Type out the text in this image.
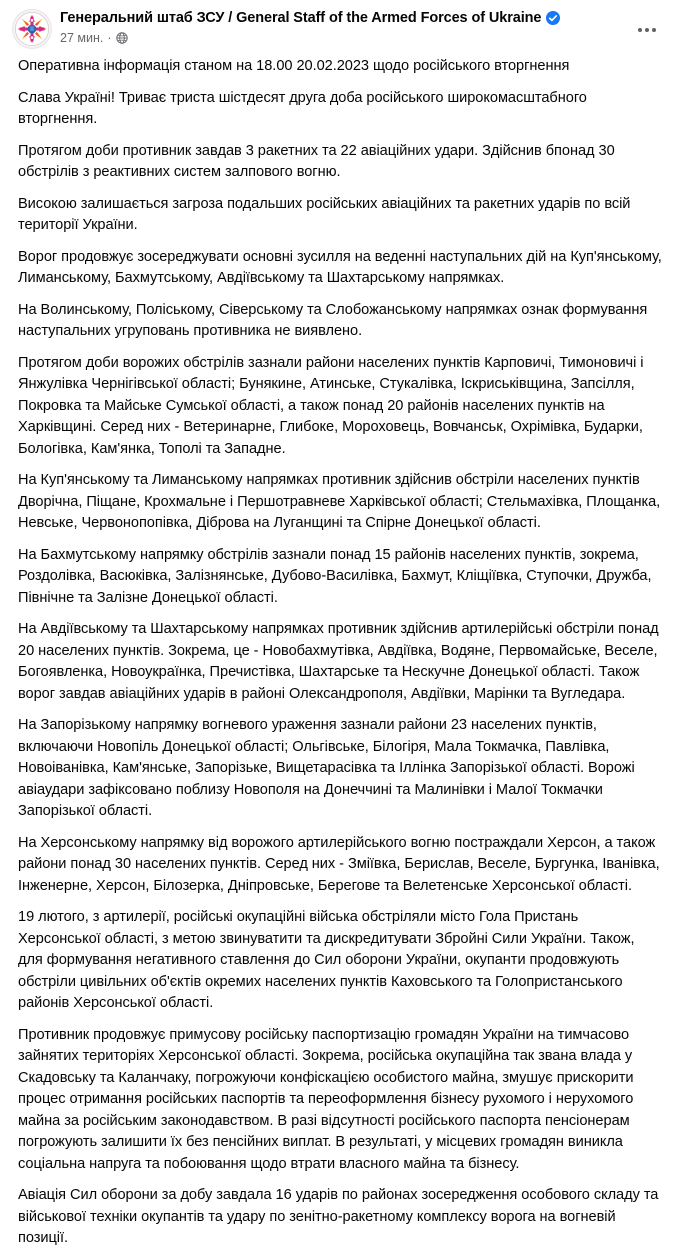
Генеральний штаб ЗСУ / General Staff of the Armed Forces of Ukraine
27 мин. ·

Оперативна інформація станом на 18.00 20.02.2023 щодо російського вторгнення

Слава Україні! Триває триста шістдесят друга доба російського широкомасштабного вторгнення.

Протягом доби противник завдав 3 ракетних та 22 авіаційних удари. Здійснив бпонад 30 обстрілів з реактивних систем залпового вогню.

Високою залишається загроза подальших російських авіаційних та ракетних ударів по всій території України.

Ворог продовжує зосереджувати основні зусилля на веденні наступальних дій на Куп'янському, Лиманському, Бахмутському, Авдіївському та Шахтарському напрямках.

На Волинському, Поліському, Сіверському та Слобожанському напрямках ознак формування наступальних угруповань противника не виявлено.

Протягом доби ворожих обстрілів зазнали райони населених пунктів Карповичі, Тимоновичі і Янжулівка Чернігівської області; Бунякине, Атинське, Стукалівка, Іскриськівщина, Запсілля, Покровка та Майське Сумської області, а також понад 20 районів населених пунктів на Харківщині. Серед них - Ветеринарне, Глибоке, Мороховець, Вовчанськ, Охрімівка, Бударки, Бологівка, Кам'янка, Тополі та Западне.

На Куп'янському та Лиманському напрямках противник здійснив обстріли населених пунктів Дворічна, Піщане, Крохмальне і Першотравневе Харківської області; Стельмахівка, Площанка, Невське, Червонопопівка, Діброва на Луганщині та Спірне Донецької області.

На Бахмутському напрямку обстрілів зазнали понад 15 районів населених пунктів, зокрема, Роздолівка, Васюківка, Залізнянське, Дубово-Василівка, Бахмут, Кліщіївка, Ступочки, Дружба, Північне та Залізне Донецької області.

На Авдіївському та Шахтарському напрямках противник здійснив артилерійські обстріли понад 20 населених пунктів. Зокрема, це - Новобахмутівка, Авдіївка, Водяне, Первомайське, Веселе, Богоявленка, Новоукраїнка, Пречистівка, Шахтарське та Нескучне Донецької області. Також ворог завдав авіаційних ударів в районі Олександрополя, Авдіївки, Марінки та Вугледара.

На Запорізькому напрямку вогневого ураження зазнали райони 23 населених пунктів, включаючи Новопіль Донецької області; Ольгівське, Білогіря, Мала Токмачка, Павлівка, Новоіванівка, Кам'янське, Запорізьке, Вищетарасівка та Іллінка Запорізької області. Ворожі авіаудари зафіксовано поблизу Новополя на Донеччині та Малинівки і Малої Токмачки Запорізької області.

На Херсонському напрямку від ворожого артилерійського вогню постраждали Херсон, а також райони понад 30 населених пунктів. Серед них - Зміївка, Берислав, Веселе, Бургунка, Іванівка, Інженерне, Херсон, Білозерка, Дніпровське, Берегове та Велетенське Херсонської області.

19 лютого, з артилерії, російські окупаційні війська обстріляли місто Гола Пристань Херсонської області, з метою звинуватити та дискредитувати Збройні Сили України. Також, для формування негативного ставлення до Сил оборони України, окупанти продовжують обстріли цивільних об'єктів окремих населених пунктів Каховського та Голопристанського районів Херсонської області.

Противник продовжує примусову російську паспортизацію громадян України на тимчасово зайнятих територіях Херсонської області. Зокрема, російська окупаційна так звана влада у Скадовську та Каланчаку, погрожуючи конфіскацією особистого майна, змушує прискорити процес отримання російських паспортів та переоформлення бізнесу рухомого і нерухомого майна за російським законодавством. В разі відсутності російського паспорта пенсіонерам погрожують залишити їх без пенсійних виплат. В результаті, у місцевих громадян виникла соціальна напруга та побоювання щодо втрати власного майна та бізнесу.

Авіація Сил оборони за добу завдала 16 ударів по районах зосередження особового складу та військової техніки окупантів та удару по зенітно-ракетному комплексу ворога на вогневій позиції.
